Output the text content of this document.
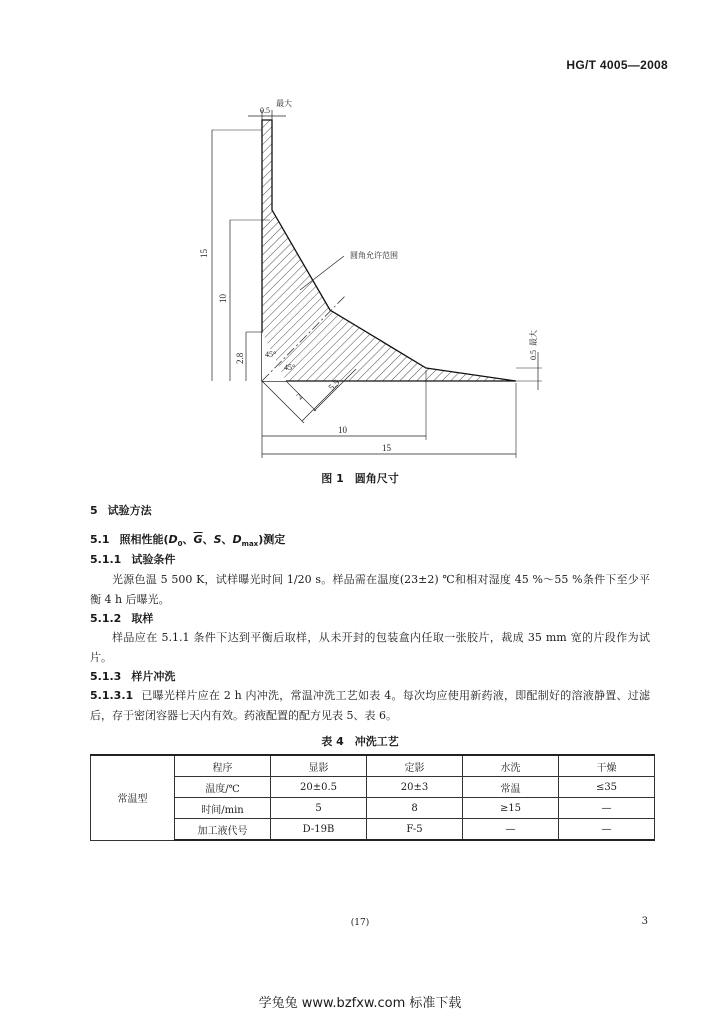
HG/T 4005—2008
0.5
最大
15
10
2.8
圆角允许范围
45°
45°
2
5.5
0.5
最大
10
15
图 1　圆角尺寸
5 试验方法
5.1 照相性能($D_0$、$\overline{G}$、S、$D_{max}$)测定
5.1.1 试验条件
光源色温 5 500 K，试样曝光时间 1/20 s。样品需在温度(23±2) ℃和相对湿度 45 %～55 %条件下至少平衡 4 h 后曝光。
5.1.2 取样
样品应在 5.1.1 条件下达到平衡后取样，从未开封的包装盒内任取一张胶片，裁成 35 mm 宽的片段作为试片。
5.1.3 样片冲洗
5.1.3.1 已曝光样片应在 2 h 内冲洗，常温冲洗工艺如表 4。每次均应使用新药液，即配制好的溶液静置、过滤后，存于密闭容器七天内有效。药液配置的配方见表 5、表 6。
表 4　冲洗工艺
常温型	程序	显影	定影	水洗	干燥
	温度/℃	20±0.5	20±3	常温	≤35
	时间/min	5	8	≥15	—
	加工液代号	D-19B	F-5	—	—
(17)	3
学兔兔 www.bzfxw.com 标准下载
